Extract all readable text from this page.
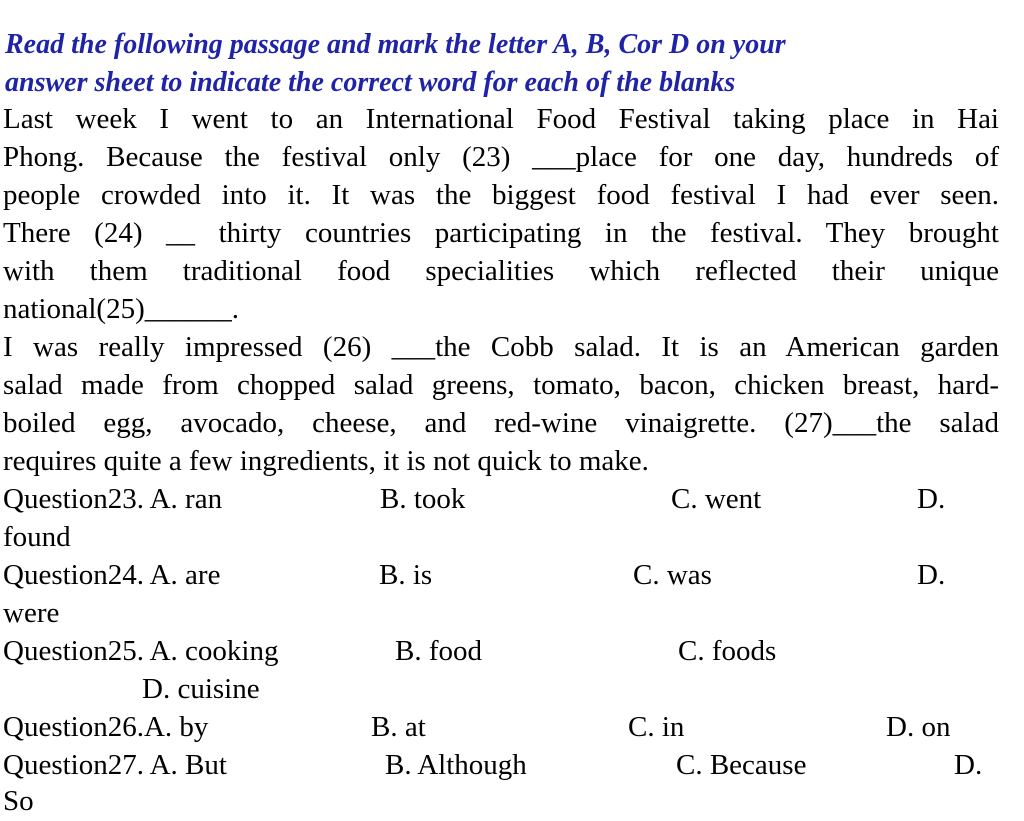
Read the following passage and mark the letter A, B, Cor D on your
answer sheet to indicate the correct word for each of the blanks
Last week I went to an International Food Festival taking place in Hai
Phong. Because the festival only (23) ___place for one day, hundreds of
people crowded into it. It was the biggest food festival I had ever seen.
There (24) __ thirty countries participating in the festival. They brought
with them traditional food specialities which reflected their unique
national(25)______.
I was really impressed (26) ___the Cobb salad. It is an American garden
salad made from chopped salad greens, tomato, bacon, chicken breast, hard-
boiled egg, avocado, cheese, and red-wine vinaigrette. (27)___the salad
requires quite a few ingredients, it is not quick to make.
Question23. A. ran	B. took	C. went	D.
found
Question24. A. are	B. is	C. was	D.
were
Question25. A. cooking	B. food	C. foods
D. cuisine
Question26.A. by	B. at	C. in	D. on
Question27. A. But	B. Although	C. Because	D.
So
